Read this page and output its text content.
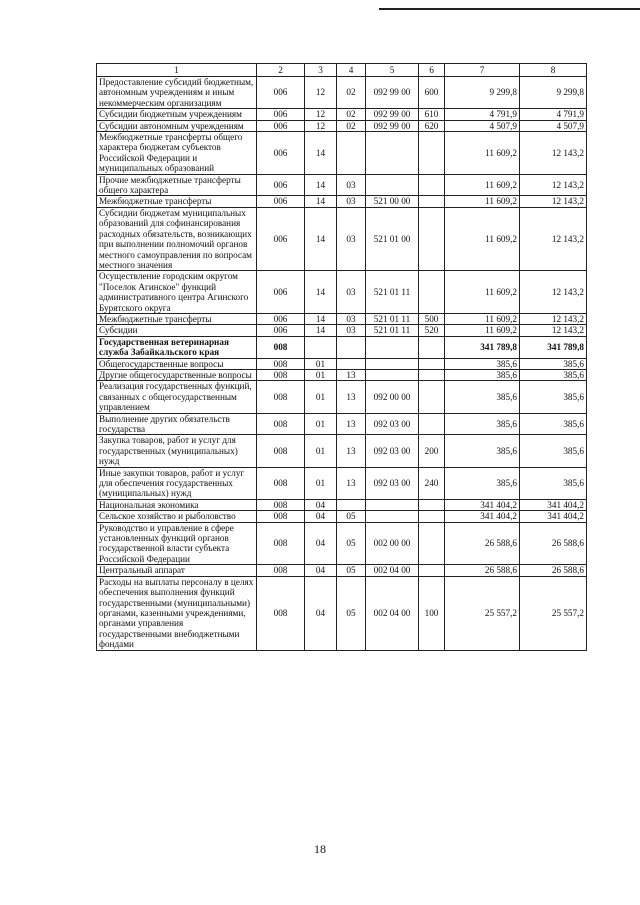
1	2	3	4	5	6	7	8
Предоставление субсидий бюджетным, автономным учреждениям и иным некоммерческим организациям	006	12	02	092 99 00	600	9 299,8	9 299,8
Субсидии бюджетным учреждениям	006	12	02	092 99 00	610	4 791,9	4 791,9
Субсидии автономным учреждениям	006	12	02	092 99 00	620	4 507,9	4 507,9
Межбюджетные трансферты общего характера бюджетам субъектов Российской Федерации и муниципальных образований	006	14				11 609,2	12 143,2
Прочие межбюджетные трансферты общего характера	006	14	03			11 609,2	12 143,2
Межбюджетные трансферты	006	14	03	521 00 00		11 609,2	12 143,2
Субсидии бюджетам муниципальных образований для софинансирования расходных обязательств, возникающих при выполнении полномочий органов местного самоуправления по вопросам местного значения	006	14	03	521 01 00		11 609,2	12 143,2
Осуществление городским округом "Поселок Агинское" функций административного центра Агинского Бурятского округа	006	14	03	521 01 11		11 609,2	12 143,2
Межбюджетные трансферты	006	14	03	521 01 11	500	11 609,2	12 143,2
Субсидии	006	14	03	521 01 11	520	11 609,2	12 143,2
Государственная ветеринарная служба Забайкальского края	008					341 789,8	341 789,8
Общегосударственные вопросы	008	01				385,6	385,6
Другие общегосударственные вопросы	008	01	13			385,6	385,6
Реализация государственных функций, связанных с общегосударственным управлением	008	01	13	092 00 00		385,6	385,6
Выполнение других обязательств государства	008	01	13	092 03 00		385,6	385,6
Закупка товаров, работ и услуг для государственных (муниципальных) нужд	008	01	13	092 03 00	200	385,6	385,6
Иные закупки товаров, работ и услуг для обеспечения государственных (муниципальных) нужд	008	01	13	092 03 00	240	385,6	385,6
Национальная экономика	008	04				341 404,2	341 404,2
Сельское хозяйство и рыболовство	008	04	05			341 404,2	341 404,2
Руководство и управление в сфере установленных функций органов государственной власти субъекта Российской Федерации	008	04	05	002 00 00		26 588,6	26 588,6
Центральный аппарат	008	04	05	002 04 00		26 588,6	26 588,6
Расходы на выплаты персоналу в целях обеспечения выполнения функций государственными (муниципальными) органами, казенными учреждениями, органами управления государственными внебюджетными фондами	008	04	05	002 04 00	100	25 557,2	25 557,2
18
